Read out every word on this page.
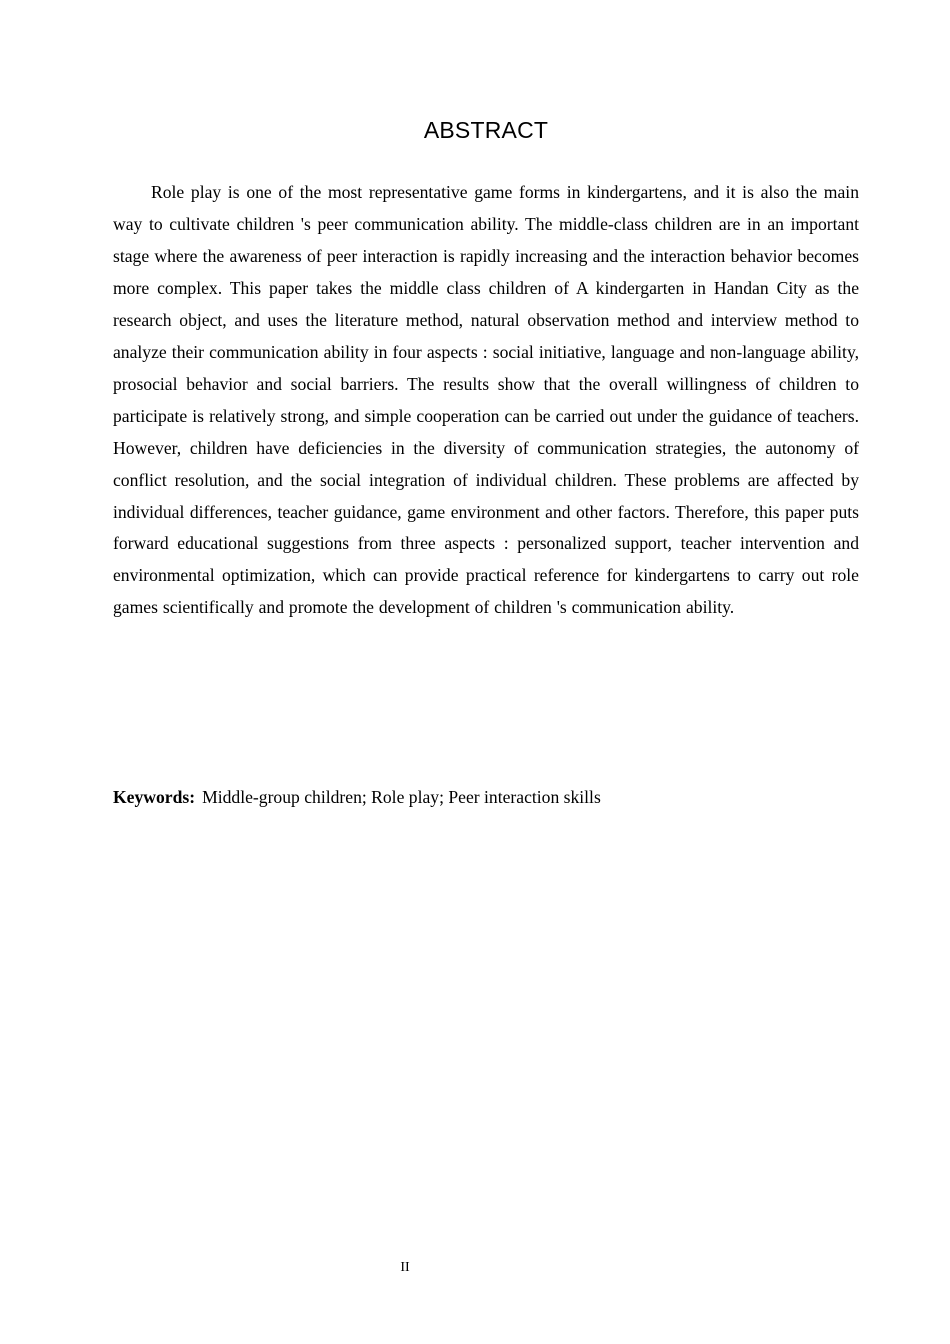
ABSTRACT

Role play is one of the most representative game forms in kindergartens, and it is also the main way to cultivate children 's peer communication ability. The middle-class children are in an important stage where the awareness of peer interaction is rapidly increasing and the interaction behavior becomes more complex. This paper takes the middle class children of A kindergarten in Handan City as the research object, and uses the literature method, natural observation method and interview method to analyze their communication ability in four aspects : social initiative, language and non-language ability, prosocial behavior and social barriers. The results show that the overall willingness of children to participate is relatively strong, and simple cooperation can be carried out under the guidance of teachers. However, children have deficiencies in the diversity of communication strategies, the autonomy of conflict resolution, and the social integration of individual children. These problems are affected by individual differences, teacher guidance, game environment and other factors. Therefore, this paper puts forward educational suggestions from three aspects : personalized support, teacher intervention and environmental optimization, which can provide practical reference for kindergartens to carry out role games scientifically and promote the development of children 's communication ability.

Keywords: Middle-group children; Role play; Peer interaction skills

II
